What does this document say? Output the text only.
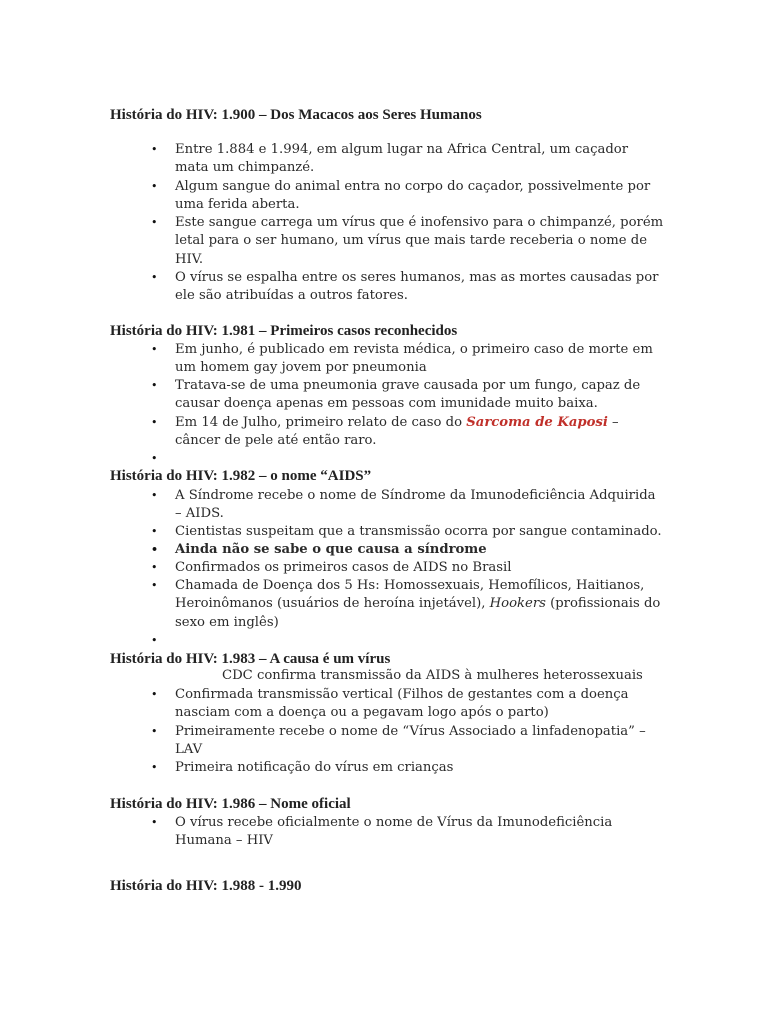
História do HIV: 1.900 – Dos Macacos aos Seres Humanos
• Entre 1.884 e 1.994, em algum lugar na Africa Central, um caçador mata um chimpanzé.
• Algum sangue do animal entra no corpo do caçador, possivelmente por uma ferida aberta.
• Este sangue carrega um vírus que é inofensivo para o chimpanzé, porém letal para o ser humano, um vírus que mais tarde receberia o nome de HIV.
• O vírus se espalha entre os seres humanos, mas as mortes causadas por ele são atribuídas a outros fatores.
História do HIV: 1.981 – Primeiros casos reconhecidos
• Em junho, é publicado em revista médica, o primeiro caso de morte em um homem gay jovem por pneumonia
• Tratava-se de uma pneumonia grave causada por um fungo, capaz de causar doença apenas em pessoas com imunidade muito baixa.
• Em 14 de Julho, primeiro relato de caso do Sarcoma de Kaposi – câncer de pele até então raro.
•
História do HIV: 1.982 – o nome “AIDS”
• A Síndrome recebe o nome de Síndrome da Imunodeficiência Adquirida – AIDS.
• Cientistas suspeitam que a transmissão ocorra por sangue contaminado.
• Ainda não se sabe o que causa a síndrome
• Confirmados os primeiros casos de AIDS no Brasil
• Chamada de Doença dos 5 Hs: Homossexuais, Hemofílicos, Haitianos, Heroinômanos (usuários de heroína injetável), Hookers (profissionais do sexo em inglês)
•
História do HIV: 1.983 – A causa é um vírus
CDC confirma transmissão da AIDS à mulheres heterossexuais
• Confirmada transmissão vertical (Filhos de gestantes com a doença nasciam com a doença ou a pegavam logo após o parto)
• Primeiramente recebe o nome de “Vírus Associado a linfadenopatia” – LAV
• Primeira notificação do vírus em crianças
História do HIV: 1.986 – Nome oficial
• O vírus recebe oficialmente o nome de Vírus da Imunodeficiência Humana – HIV
História do HIV: 1.988 - 1.990
